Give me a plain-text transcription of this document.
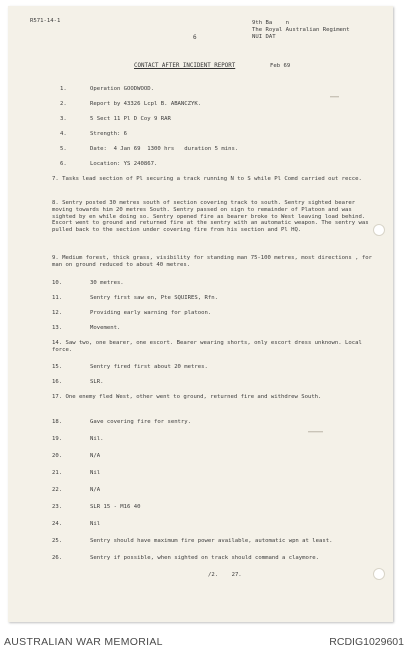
R571-14-1
6
9th Ba    n
The Royal Australian Regiment
NUI DAT
CONTACT AFTER INCIDENT REPORT	Feb 69
▬▬▬
▬▬▬▬▬
1.	Operation GOODWOOD.
2.	Report by 43326 Lcpl B. ABANCZYK.
3.	5 Sect 11 Pl D Coy 9 RAR
4.	Strength: 6
5.	Date:  4 Jan 69  1300 hrs   duration 5 mins.
6.	Location: YS 240867.
7. Tasks lead section of Pl securing a track running N to S while Pl Comd carried out recce.
8. Sentry posted 30 metres south of section covering track to south. Sentry sighted bearer moving towards him 20 metres South. Sentry passed on sign to remainder of Platoon and was sighted by en while doing so. Sentry opened fire as bearer broke to West leaving load behind. Escort went to ground and returned fire at the sentry with an automatic weapon. The sentry was pulled back to the section under covering fire from his section and Pl HQ.
9. Medium forest, thick grass, visibility for standing man 75-100 metres, most directions , for man on ground reduced to about 40 metres.
10.	30 metres.
11.	Sentry first saw en, Pte SQUIRES, Rfn.
12.	Providing early warning for platoon.
13.	Movement.
14. Saw two, one bearer, one escort. Bearer wearing shorts, only escort dress unknown. Local force.
15.	Sentry fired first about 20 metres.
16.	SLR.
17. One enemy fled West, other went to ground, returned fire and withdrew South.
18.	Gave covering fire for sentry.
19.	Nil.
20.	N/A
21.	Nil
22.	N/A
23.	SLR 15 - M16 40
24.	Nil
25.	Sentry should have maximum fire power available, automatic wpn at least.
26.	Sentry if possible, when sighted on track should command a claymore.
/2.    27.
AUSTRALIAN WAR MEMORIAL	RCDIG1029601
